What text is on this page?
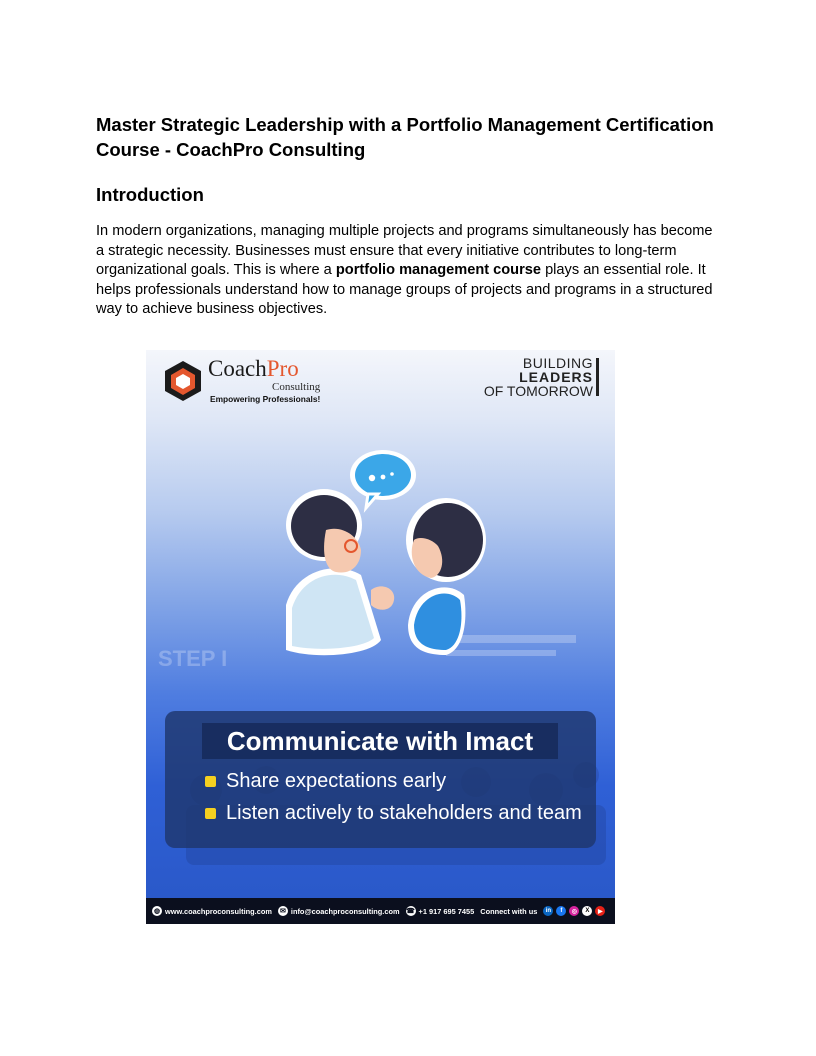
Master Strategic Leadership with a Portfolio Management Certification Course - CoachPro Consulting
Introduction

In modern organizations, managing multiple projects and programs simultaneously has become a strategic necessity. Businesses must ensure that every initiative contributes to long-term organizational goals. This is where a portfolio management course plays an essential role. It helps professionals understand how to manage groups of projects and programs in a structured way to achieve business objectives.

STEP I
CoachPro
Consulting
Empowering Professionals!
BUILDING
LEADERS
OF TOMORROW
Communicate with Imact
Share expectations early
Listen actively to stakeholders and team
◍ www.coachproconsulting.com ✉ info@coachproconsulting.com ☎ +1 917 695 7455 Connect with us	in	f	◎	X	▶
